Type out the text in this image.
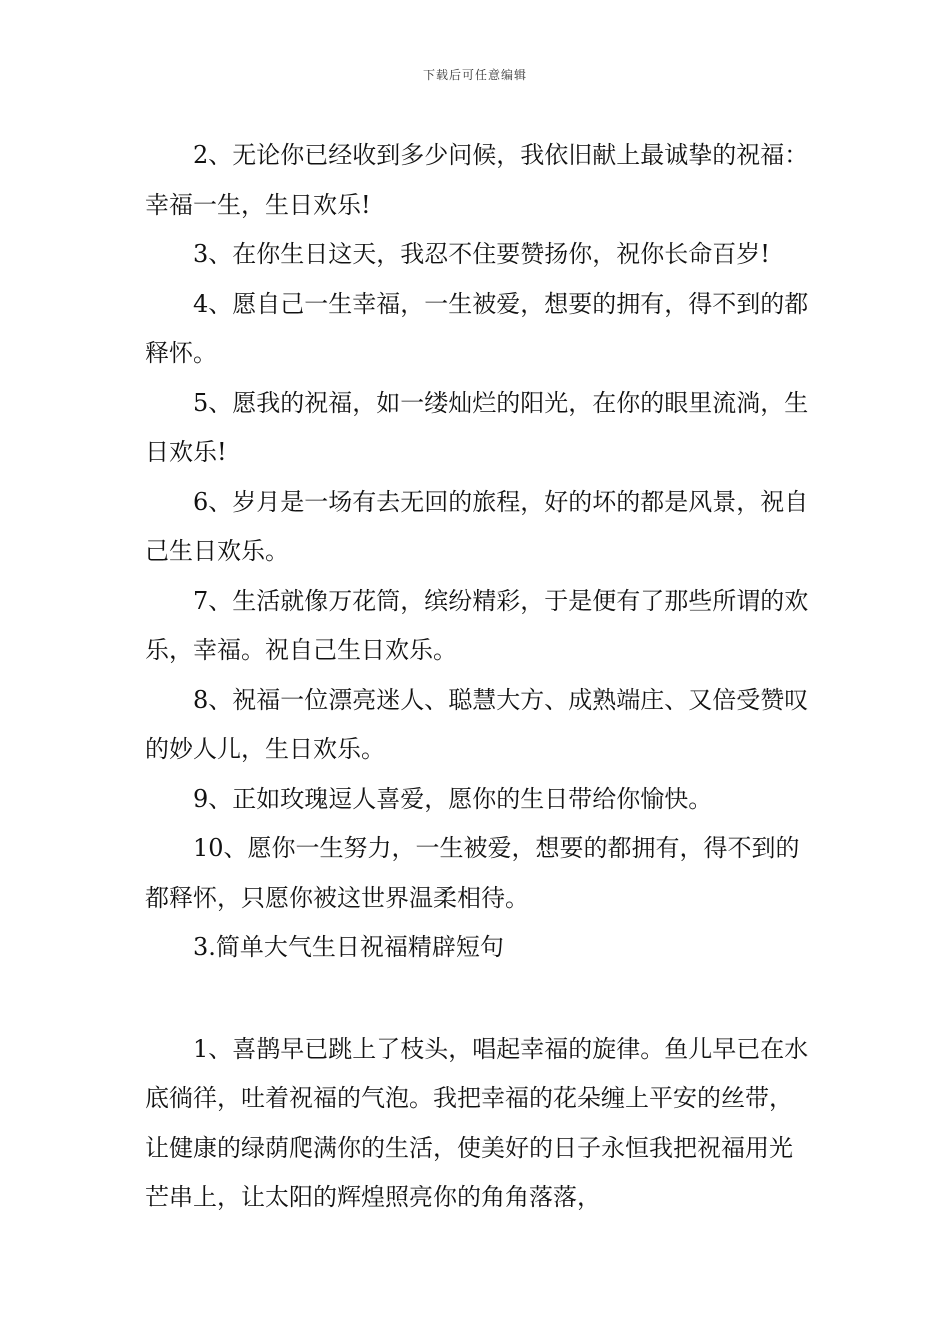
下载后可任意编辑

2、无论你已经收到多少问候，我依旧献上最诚挚的祝福：幸福一生，生日欢乐!

3、在你生日这天，我忍不住要赞扬你，祝你长命百岁!

4、愿自己一生幸福，一生被爱，想要的拥有，得不到的都释怀。

5、愿我的祝福，如一缕灿烂的阳光，在你的眼里流淌，生日欢乐!

6、岁月是一场有去无回的旅程，好的坏的都是风景，祝自己生日欢乐。

7、生活就像万花筒，缤纷精彩，于是便有了那些所谓的欢乐，幸福。祝自己生日欢乐。

8、祝福一位漂亮迷人、聪慧大方、成熟端庄、又倍受赞叹的妙人儿，生日欢乐。

9、正如玫瑰逗人喜爱，愿你的生日带给你愉快。

10、愿你一生努力，一生被爱，想要的都拥有，得不到的都释怀，只愿你被这世界温柔相待。

3.简单大气生日祝福精辟短句

1、喜鹊早已跳上了枝头，唱起幸福的旋律。鱼儿早已在水底徜徉，吐着祝福的气泡。我把幸福的花朵缠上平安的丝带，让健康的绿荫爬满你的生活，使美好的日子永恒我把祝福用光芒串上，让太阳的辉煌照亮你的角角落落，
